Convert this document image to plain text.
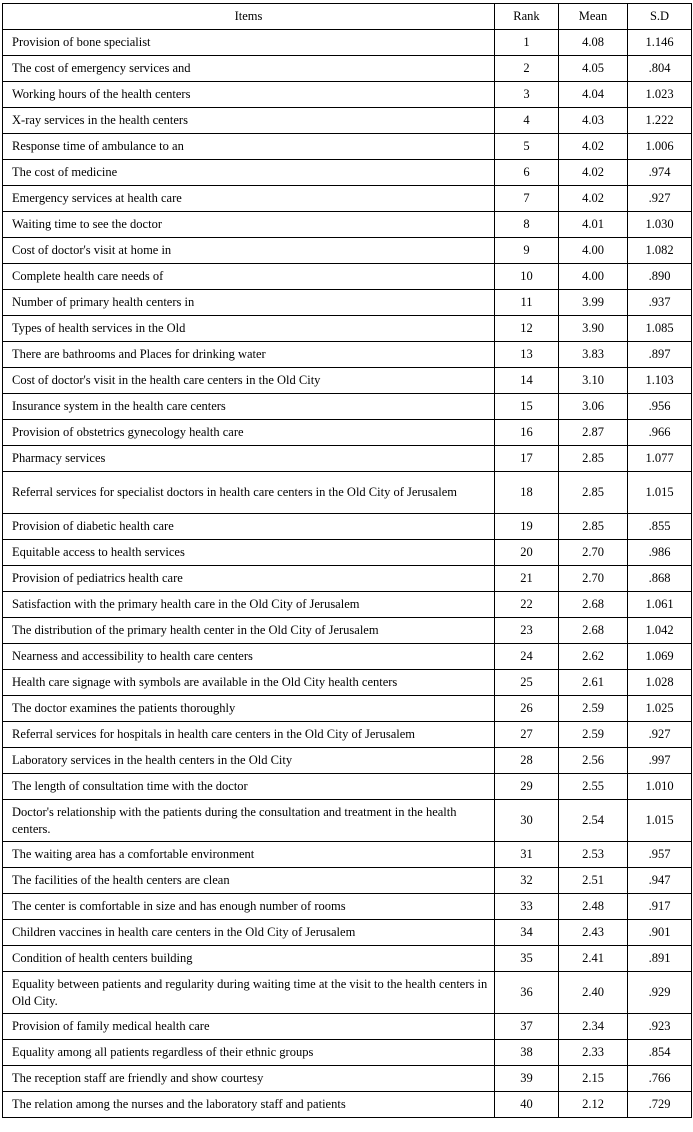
Items	Rank	Mean	S.D
Provision of bone specialist	1	4.08	1.146
The cost of emergency services and	2	4.05	.804
Working hours of the health centers	3	4.04	1.023
X-ray services in the health centers	4	4.03	1.222
Response time of ambulance to an	5	4.02	1.006
The cost of medicine	6	4.02	.974
Emergency services at health care	7	4.02	.927
Waiting time to see the doctor	8	4.01	1.030
Cost of doctor's visit at home in	9	4.00	1.082
Complete health care needs of	10	4.00	.890
Number of primary health centers in	11	3.99	.937
Types of health services in the Old	12	3.90	1.085
There are bathrooms and Places for drinking water	13	3.83	.897
Cost of doctor's visit in the health care centers in the Old City	14	3.10	1.103
Insurance system in the health care centers	15	3.06	.956
Provision of obstetrics gynecology health care	16	2.87	.966
Pharmacy services	17	2.85	1.077
Referral services for specialist doctors in health care centers in the Old City of Jerusalem	18	2.85	1.015
Provision of diabetic health care	19	2.85	.855
Equitable access to health services	20	2.70	.986
Provision of pediatrics health care	21	2.70	.868
Satisfaction with the primary health care in the Old City of Jerusalem	22	2.68	1.061
The distribution of the primary health center in the Old City of Jerusalem	23	2.68	1.042
Nearness and accessibility to health care centers	24	2.62	1.069
Health care signage with symbols are available in the Old City health centers	25	2.61	1.028
The doctor examines the patients thoroughly	26	2.59	1.025
Referral services for hospitals in health care centers in the Old City of Jerusalem	27	2.59	.927
Laboratory services in the health centers in the Old City	28	2.56	.997
The length of consultation time with the doctor	29	2.55	1.010
Doctor's relationship with the patients during the consultation and treatment in the health centers.	30	2.54	1.015
The waiting area has a comfortable environment	31	2.53	.957
The facilities of the health centers are clean	32	2.51	.947
The center is comfortable in size and has enough number of rooms	33	2.48	.917
Children vaccines in health care centers in the Old City of Jerusalem	34	2.43	.901
Condition of health centers building	35	2.41	.891
Equality between patients and regularity during waiting time at the visit to the health centers in Old City.	36	2.40	.929
Provision of family medical health care	37	2.34	.923
Equality among all patients regardless of their ethnic groups	38	2.33	.854
The reception staff are friendly and show courtesy	39	2.15	.766
The relation among the nurses and the laboratory staff and patients	40	2.12	.729
